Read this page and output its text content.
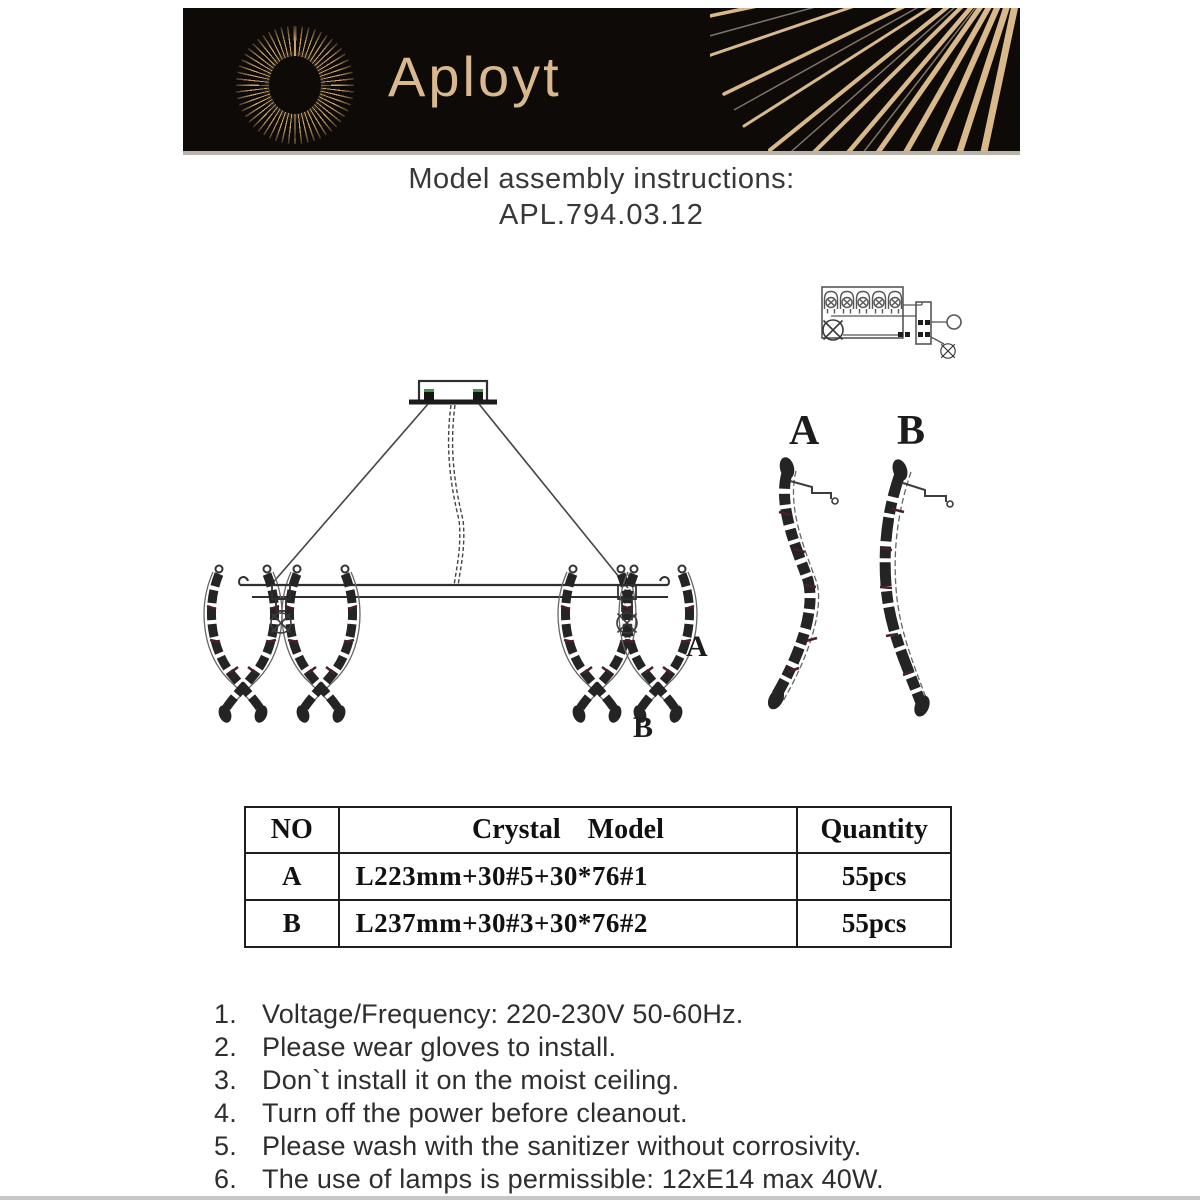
Aployt
Model assembly instructions:
APL.794.03.12
A
B
A B
NO	Crystal Model	Quantity
A	L223mm+30#5+30*76#1	55pcs
B	L237mm+30#3+30*76#2	55pcs
1. Voltage/Frequency: 220-230V 50-60Hz.
2. Please wear gloves to install.
3. Don`t install it on the moist ceiling.
4. Turn off the power before cleanout.
5. Please wash with the sanitizer without corrosivity.
6. The use of lamps is permissible: 12xE14 max 40W.
